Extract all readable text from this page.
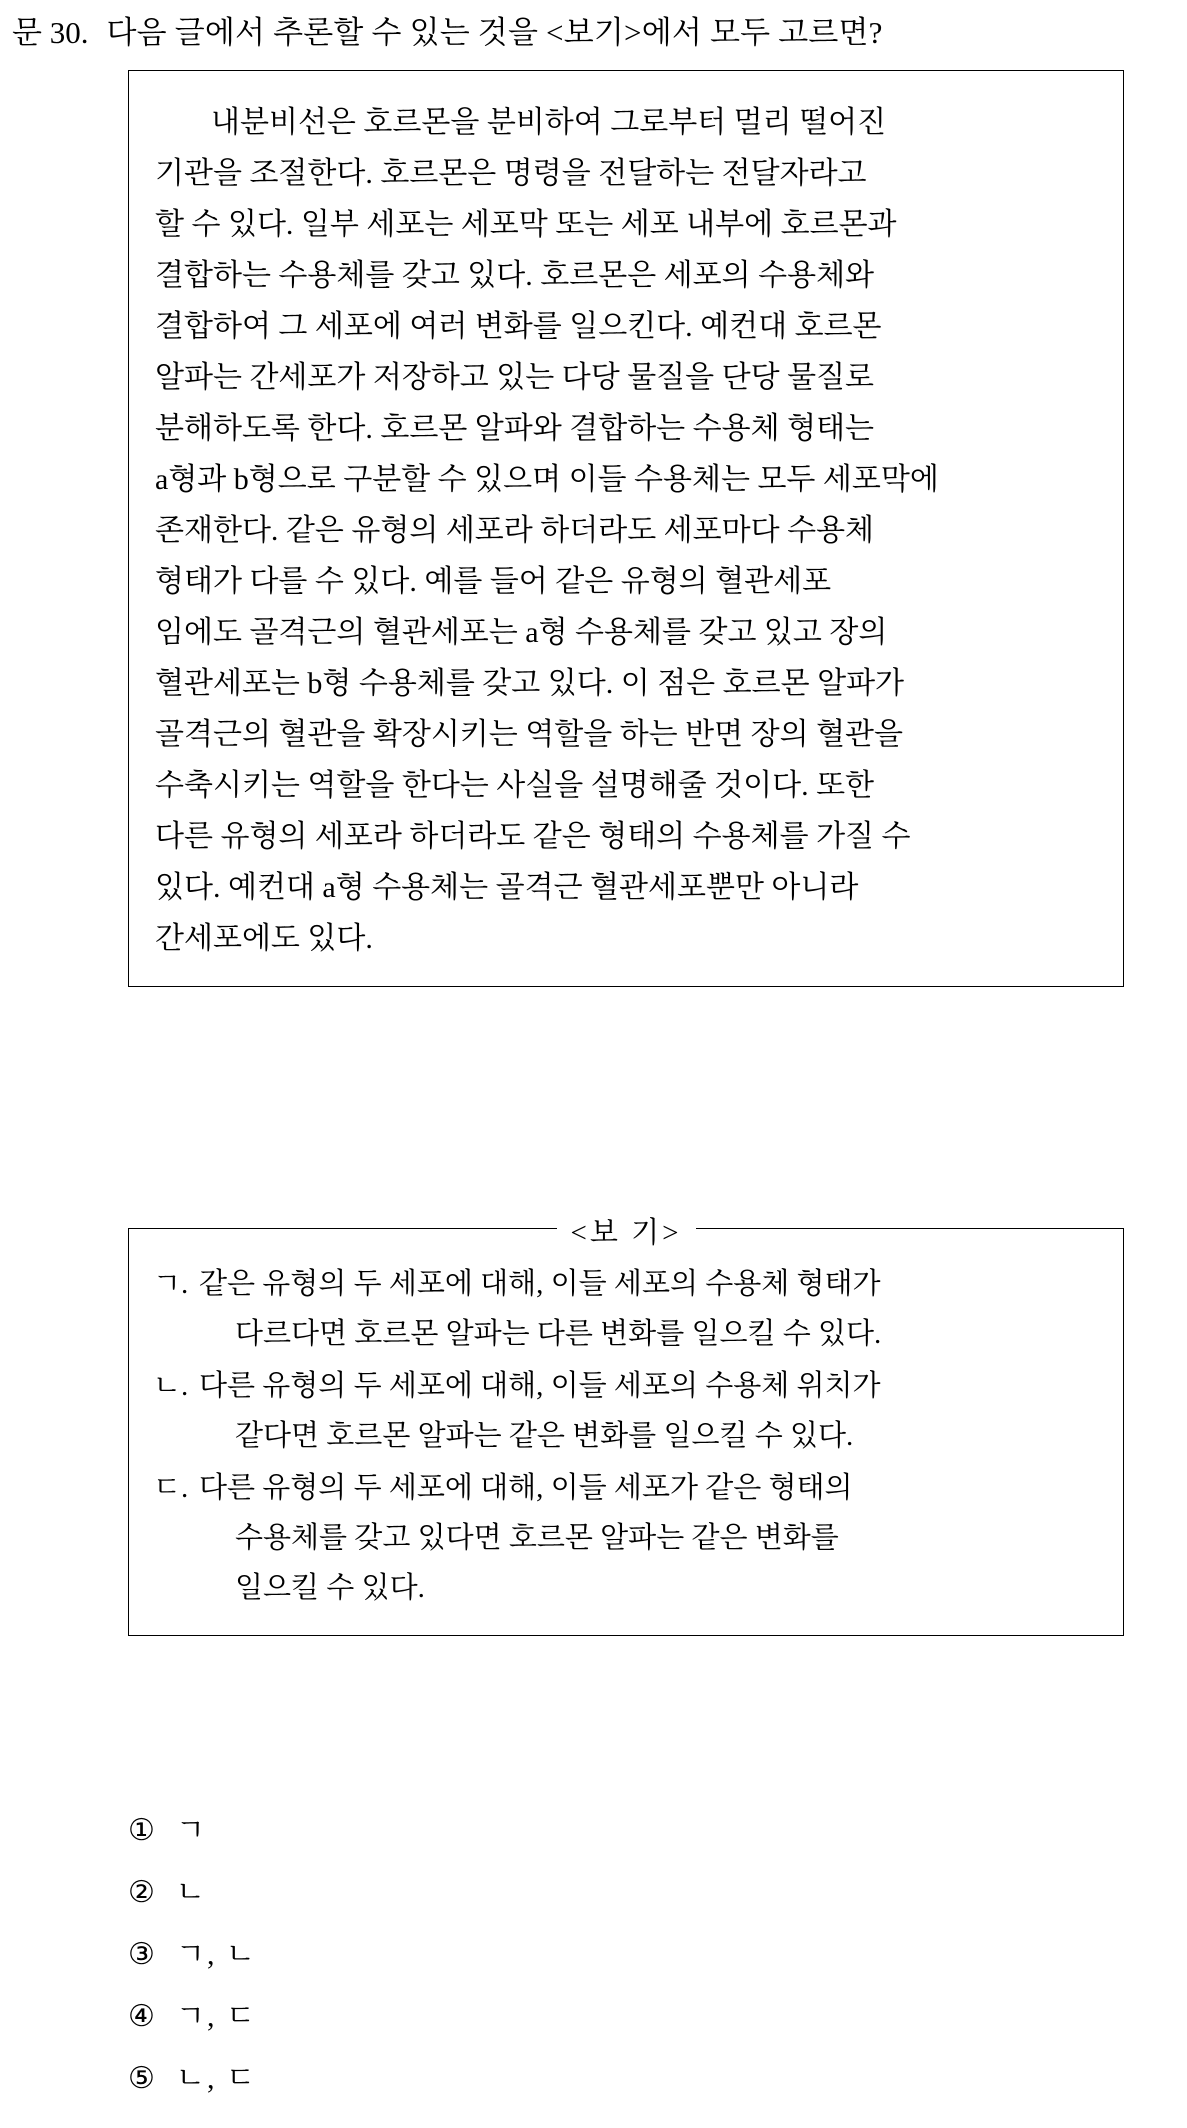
문 30. 다음 글에서 추론할 수 있는 것을 <보기>에서 모두 고르면?
내분비선은 호르몬을 분비하여 그로부터 멀리 떨어진
기관을 조절한다. 호르몬은 명령을 전달하는 전달자라고
할 수 있다. 일부 세포는 세포막 또는 세포 내부에 호르몬과
결합하는 수용체를 갖고 있다. 호르몬은 세포의 수용체와
결합하여 그 세포에 여러 변화를 일으킨다. 예컨대 호르몬
알파는 간세포가 저장하고 있는 다당 물질을 단당 물질로
분해하도록 한다. 호르몬 알파와 결합하는 수용체 형태는
a형과 b형으로 구분할 수 있으며 이들 수용체는 모두 세포막에
존재한다. 같은 유형의 세포라 하더라도 세포마다 수용체
형태가 다를 수 있다. 예를 들어 같은 유형의 혈관세포
임에도 골격근의 혈관세포는 a형 수용체를 갖고 있고 장의
혈관세포는 b형 수용체를 갖고 있다. 이 점은 호르몬 알파가
골격근의 혈관을 확장시키는 역할을 하는 반면 장의 혈관을
수축시키는 역할을 한다는 사실을 설명해줄 것이다. 또한
다른 유형의 세포라 하더라도 같은 형태의 수용체를 가질 수
있다. 예컨대 a형 수용체는 골격근 혈관세포뿐만 아니라
간세포에도 있다.
<보 기>
ㄱ. 같은 유형의 두 세포에 대해, 이들 세포의 수용체 형태가
다르다면 호르몬 알파는 다른 변화를 일으킬 수 있다.
ㄴ. 다른 유형의 두 세포에 대해, 이들 세포의 수용체 위치가
같다면 호르몬 알파는 같은 변화를 일으킬 수 있다.
ㄷ. 다른 유형의 두 세포에 대해, 이들 세포가 같은 형태의
수용체를 갖고 있다면 호르몬 알파는 같은 변화를
일으킬 수 있다.
① ㄱ
② ㄴ
③ ㄱ, ㄴ
④ ㄱ, ㄷ
⑤ ㄴ, ㄷ
